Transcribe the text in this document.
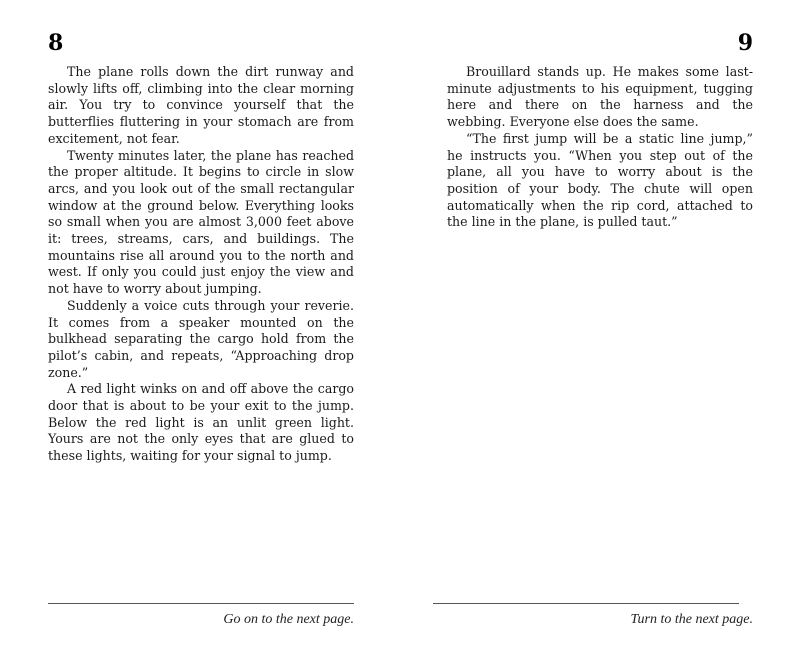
8

The plane rolls down the dirt runway and slowly lifts off, climbing into the clear morning air. You try to convince yourself that the butterflies fluttering in your stomach are from excitement, not fear.

Twenty minutes later, the plane has reached the proper altitude. It begins to circle in slow arcs, and you look out of the small rectangular window at the ground below. Everything looks so small when you are almost 3,000 feet above it: trees, streams, cars, and buildings. The mountains rise all around you to the north and west. If only you could just enjoy the view and not have to worry about jumping.

Suddenly a voice cuts through your reverie. It comes from a speaker mounted on the bulkhead separating the cargo hold from the pilot’s cabin, and repeats, “Approaching drop zone.”

A red light winks on and off above the cargo door that is about to be your exit to the jump. Below the red light is an unlit green light. Yours are not the only eyes that are glued to these lights, waiting for your signal to jump.

Go on to the next page.
9

Brouillard stands up. He makes some last-minute adjustments to his equipment, tugging here and there on the harness and the webbing. Everyone else does the same.

“The first jump will be a static line jump,” he instructs you. “When you step out of the plane, all you have to worry about is the position of your body. The chute will open automatically when the rip cord, attached to the line in the plane, is pulled taut.”

Turn to the next page.
